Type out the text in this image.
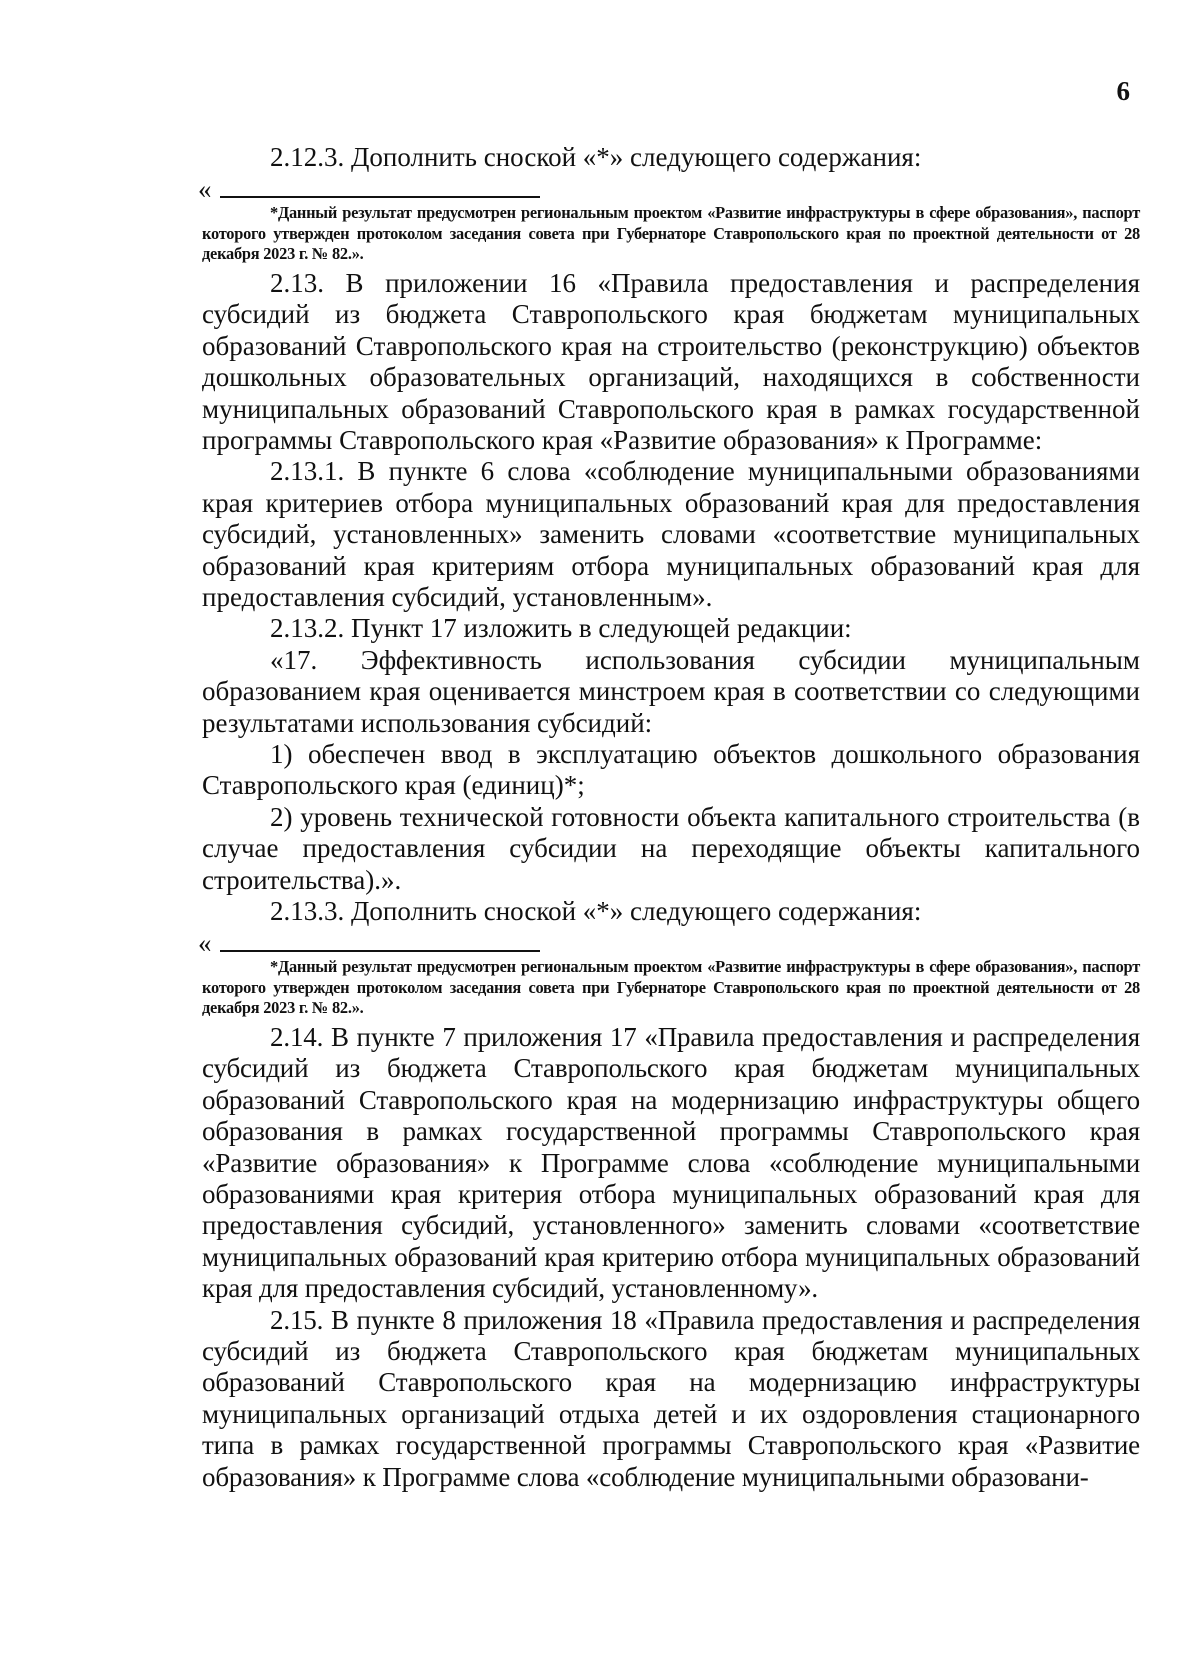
6

2.12.3. Дополнить сноской «*» следующего содержания:

«

*Данный результат предусмотрен региональным проектом «Развитие инфраструктуры в сфере образования», паспорт которого утвержден протоколом заседания совета при Губернаторе Ставропольского края по проектной деятельности от 28 декабря 2023 г. № 82.».

2.13. В приложении 16 «Правила предоставления и распределения субсидий из бюджета Ставропольского края бюджетам муниципальных образований Ставропольского края на строительство (реконструкцию) объектов дошкольных образовательных организаций, находящихся в собственности муниципальных образований Ставропольского края в рамках государственной программы Ставропольского края «Развитие образования» к Программе:

2.13.1. В пункте 6 слова «соблюдение муниципальными образованиями края критериев отбора муниципальных образований края для предоставления субсидий, установленных» заменить словами «соответствие муниципальных образований края критериям отбора муниципальных образований края для предоставления субсидий, установленным».

2.13.2. Пункт 17 изложить в следующей редакции:

«17. Эффективность использования субсидии муниципальным образованием края оценивается минстроем края в соответствии со следующими результатами использования субсидий:

1) обеспечен ввод в эксплуатацию объектов дошкольного образования Ставропольского края (единиц)*;

2) уровень технической готовности объекта капитального строительства (в случае предоставления субсидии на переходящие объекты капитального строительства).».

2.13.3. Дополнить сноской «*» следующего содержания:

«

*Данный результат предусмотрен региональным проектом «Развитие инфраструктуры в сфере образования», паспорт которого утвержден протоколом заседания совета при Губернаторе Ставропольского края по проектной деятельности от 28 декабря 2023 г. № 82.».

2.14. В пункте 7 приложения 17 «Правила предоставления и распределения субсидий из бюджета Ставропольского края бюджетам муниципальных образований Ставропольского края на модернизацию инфраструктуры общего образования в рамках государственной программы Ставропольского края «Развитие образования» к Программе слова «соблюдение муниципальными образованиями края критерия отбора муниципальных образований края для предоставления субсидий, установленного» заменить словами «соответствие муниципальных образований края критерию отбора муниципальных образований края для предоставления субсидий, установленному».

2.15. В пункте 8 приложения 18 «Правила предоставления и распределения субсидий из бюджета Ставропольского края бюджетам муниципальных образований Ставропольского края на модернизацию инфраструктуры муниципальных организаций отдыха детей и их оздоровления стационарного типа в рамках государственной программы Ставропольского края «Развитие образования» к Программе слова «соблюдение муниципальными образовани-
